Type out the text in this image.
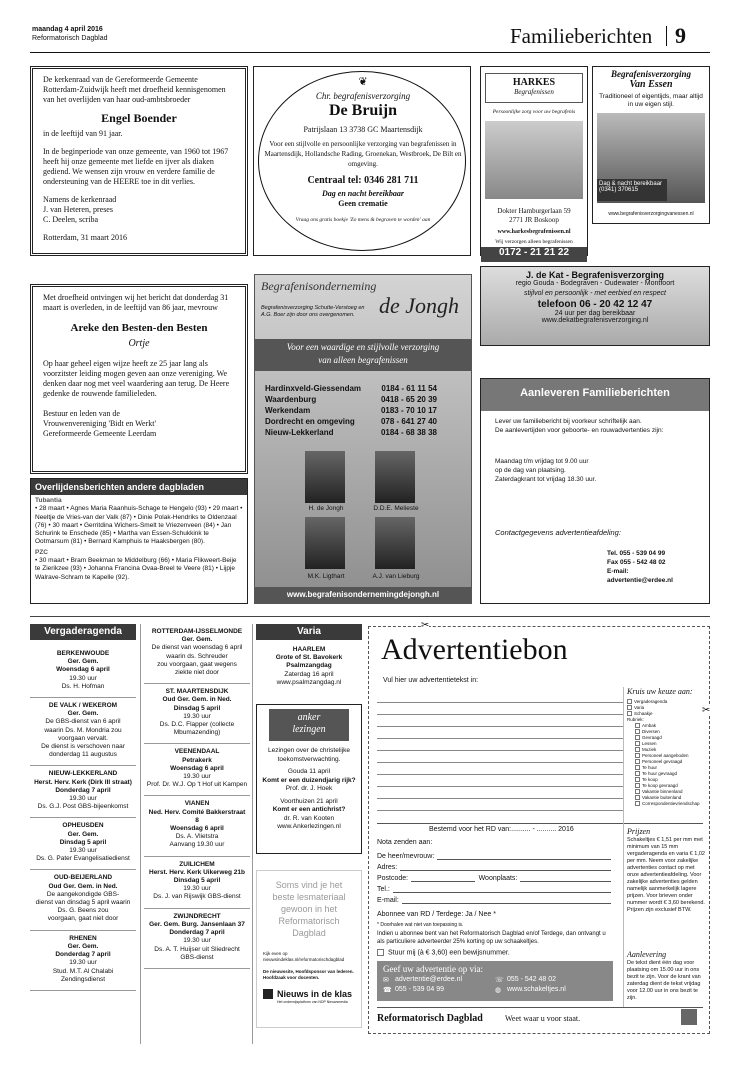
maandag 4 april 2016
Reformatorisch Dagblad	Familieberichten 9

De kerkenraad van de Gereformeerde Gemeente Rotterdam-Zuidwijk heeft met droefheid kennisgenomen van het overlijden van haar oud-ambtsbroeder

Engel Boender

in de leeftijd van 91 jaar.

In de beginperiode van onze gemeente, van 1960 tot 1967 heeft hij onze gemeente met liefde en ijver als diaken gediend. We wensen zijn vrouw en verdere familie de ondersteuning van de HEERE toe in dit verlies.

Namens de kerkenraad

J. van Heteren, preses

C. Deelen, scriba

Rotterdam, 31 maart 2016

❦
Chr. begrafenisverzorging
De Bruijn
Patrijslaan 13 3738 GC Maartensdijk
Voor een stijlvolle en persoonlijke verzorging van begrafenissen in Maartensdijk, Hollandsche Rading, Groenekan, Westbroek, De Bilt en omgeving.
Centraal tel: 0346 281 711
Dag en nacht bereikbaar
Geen crematie
Vraag ons gratis boekje 'Zo mens & begraven te worden' aan
HARKES
Begrafenissen
Persoonlijke zorg voor uw begrafenis
Dokter Hamburgerlaan 59
2771 JR Boskoop
www.harkesbegrafenissen.nl
Wij verzorgen alleen begrafenissen
0172 - 21 21 22
Begrafenisverzorging
Van Essen
Traditioneel of eigentijds, maar altijd in uw eigen stijl.
Dag & nacht bereikbaar
(0341) 370615
www.begrafenisverzorgingvanessen.nl

Met droefheid ontvingen wij het bericht dat donderdag 31 maart is overleden, in de leeftijd van 86 jaar, mevrouw

Areke den Besten-den Besten

Ortje

Op haar geheel eigen wijze heeft ze 25 jaar lang als voorzitster leiding mogen geven aan onze vereniging. We denken daar nog met veel waardering aan terug. De Heere gedenke de rouwende familieleden.

Bestuur en leden van de

Vrouwenvereniging 'Bidt en Werkt'

Gereformeerde Gemeente Leerdam

Begrafenisonderneming
de Jongh
Begrafenisverzorging Schutte-Verstoeg en A.G. Boer zijn door ons overgenomen.
Voor een waardige en stijlvolle verzorging
van alleen begrafenissen
Hardinxveld-Giessendam	0184 - 61 11 54
Waardenburg	0418 - 65 20 39
Werkendam	0183 - 70 10 17
Dordrecht en omgeving	078 - 641 27 40
Nieuw-Lekkerland	0184 - 68 38 38
H. de Jongh	D.D.E. Melieste
M.K. Ligthart	A.J. van Lieburg
www.begrafenisondernemingdejongh.nl
J. de Kat - Begrafenisverzorging
regio Gouda - Bodegraven - Oudewater - Montfoort
stijlvol en persoonlijk - met eerbied en respect
telefoon 06 - 20 42 12 47
24 uur per dag bereikbaar
www.dekatbegrafenisverzorging.nl
Aanleveren Familieberichten

Lever uw familiebericht bij voorkeur schriftelijk aan.

De aanlevertijden voor geboorte- en rouwadvertenties zijn:

Maandag t/m vrijdag tot 9.00 uur

op de dag van plaatsing.

Zaterdagkrant tot vrijdag 18.30 uur.

Contactgegevens advertentieafdeling:

Tel. 055 - 539 04 99

Fax 055 - 542 48 02

E-mail: advertentie@erdee.nl

Overlijdensberichten andere dagbladen
Tubantia
• 28 maart • Agnes Maria Raanhuis-Schage te Hengelo (93) • 29 maart • Neeltje de Vries-van der Valk (87) • Dinie Polak-Hendriks te Oldenzaal (76) • 30 maart • Gerritdina Wichers-Smelt te Vriezenveen (84) • Jan Schurink te Enschede (85) • Martha van Essen-Schukkink te Ootmarsum (81) • Bernard Kamphuis te Haaksbergen (80).
PZC
• 30 maart • Bram Beekman te Middelburg (66) • Maria Flikweert-Beije te Zierikzee (93) • Johanna Francina Ovaa-Breel te Veere (81) • Lijpje Walrave-Schram te Kapelle (92).
Vergaderagenda

BERKENWOUDE

Ger. Gem.

Woensdag 6 april

19.30 uur

Ds. H. Hofman

DE VALK / WEKEROM

Ger. Gem.

De GBS-dienst van 6 april

waarin Ds. M. Mondria zou voorgaan vervalt.

De dienst is verschoven naar donderdag 11 augustus

NIEUW-LEKKERLAND

Herst. Herv. Kerk (Dirk III straat)

Donderdag 7 april

19.30 uur

Ds. G.J. Post GBS-bijeenkomst

OPHEUSDEN

Ger. Gem.

Dinsdag 5 april

19.30 uur

Ds. G. Pater Evangelisatiedienst

OUD-BEIJERLAND

Oud Ger. Gem. in Ned.

De aangekondigde GBS-

dienst van dinsdag 5 april waarin Ds. G. Beens zou

voorgaan, gaat niet door

RHENEN

Ger. Gem.

Donderdag 7 april

19.30 uur

Stud. M.T. Al Chalabi Zendingsdienst

ROTTERDAM-IJSSELMONDE

Ger. Gem.

De dienst van woensdag 6 april waarin ds. Schreuder

zou voorgaan, gaat wegens

ziekte niet door

ST. MAARTENSDIJK

Oud Ger. Gem. in Ned.

Dinsdag 5 april

19.30 uur

Ds. D.C. Flapper (collecte Mbumazending)

VEENENDAAL

Petrakerk

Woensdag 6 april

19.30 uur

Prof. Dr. W.J. Op 't Hof uit Kampen

VIANEN

Ned. Herv. Comité Bakkerstraat 8

Woensdag 6 april

Ds. A. Vlietstra

Aanvang 19.30 uur

ZUILICHEM

Herst. Herv. Kerk Uikerweg 21b

Dinsdag 5 april

19.30 uur

Ds. J. van Rijswijk GBS-dienst

ZWIJNDRECHT

Ger. Gem. Burg. Jansenlaan 37

Donderdag 7 april

19.30 uur

Ds. A. T. Huijser uit Sliedrecht GBS-dienst

Varia
HAARLEM
Grote of St. Bavokerk Psalmzangdag
Zaterdag 16 april
www.psalmzangdag.nl
anker
lezingen
Lezingen over de christelijke toekomstverwachting.
Gouda 11 april
Komt er een duizendjarig rijk?
Prof. dr. J. Hoek
Voorthuizen 21 april
Komt er een antichrist?
dr. R. van Kooten
www.Ankerlezingen.nl
Soms vind je het beste lesmateriaal gewoon in het Reformatorisch Dagblad
Kijk even op nieuwsindeklas.nl/reformatorischdagblad
De nieuwssite, Hoofdsponsor van lederen. Hoofdzaak voor docenten.
Nieuws in de klas
Het onderwijsplatform van NDP Nieuwsmedia
✂
✂
Advertentiebon
Vul hier uw advertentietekst in:
Kruis uw keuze aan:
Vergaderagenda
Varia
Schaakje
Rubriek:
Ambak
Diversen
Gevraagd
Lessen
Muziek
Personeel aangeboden
Personeel gevraagd
Te huur
Te huur gevraagd
Te koop
Te koop gevraagd
Vakantie binnenland
Vakantie buitenland
Correspondentievriendschap
Bestemd voor het RD van:.......... - .......... 2016
Nota zenden aan:
De heer/mevrouw:
Adres:
Postcode:	Woonplaats:
Tel.:
E-mail:
Abonnee van RD / Terdege: Ja / Nee *
* Doorhalen wat niet van toepassing is.
Indien u abonnee bent van het Reformatorisch Dagblad en/of Terdege, dan ontvangt u als particuliere adverteerder 25% korting op uw schaakeltjes.
Stuur mij (à € 3,60) een bewijsnummer.
Geef uw advertentie op via:
✉ advertentie@erdee.nl	☏ 055 - 542 48 02
☎ 055 - 539 04 99	◍ www.schakeltjes.nl
Reformatorisch Dagblad	Weet waar u voor staat.
Prijzen
Schakeltjes € 1,51 per mm met minimum van 15 mm vergaderagenda en varia € 1,02 per mm. Neem voor zakelijke advertenties contact op met onze advertentieafdeling. Voor zakelijke advertenties gelden namelijk aanmerkelijk lagere prijzen. Voor brieven onder nummer wordt € 3,60 berekend. Prijzen zijn exclusief BTW.
Aanlevering
De tekst dient één dag voor plaatsing om 15.00 uur in ons bezit te zijn. Voor de krant van zaterdag dient de tekst vrijdag voor 12.00 uur in ons bezit te zijn.
